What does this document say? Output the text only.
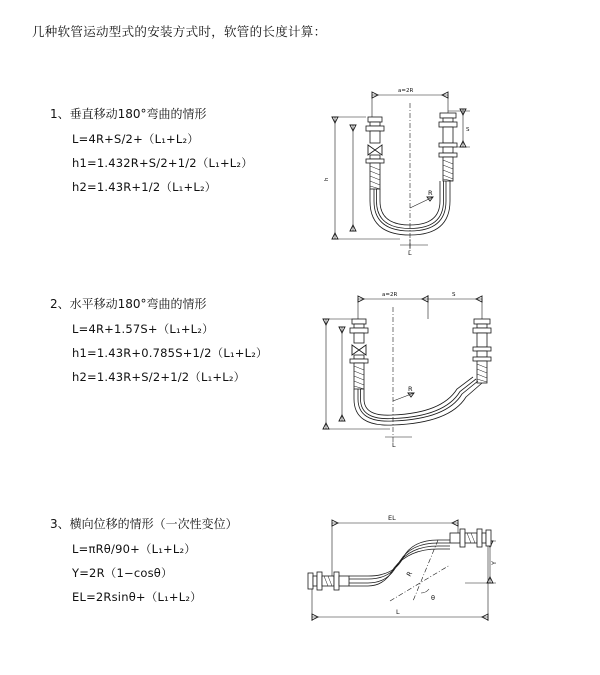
几种软管运动型式的安装方式时，软管的长度计算：
1、垂直移动180°弯曲的情形
L=4R+S/2+（L₁+L₂）
h1=1.432R+S/2+1/2（L₁+L₂）
h2=1.43R+1/2（L₁+L₂）
a=2R
S
h
R
L
2、水平移动180°弯曲的情形
L=4R+1.57S+（L₁+L₂）
h1=1.43R+0.785S+1/2（L₁+L₂）
h2=1.43R+S/2+1/2（L₁+L₂）
a=2R	S
R
L
3、横向位移的情形（一次性变位）
L=πRθ/90+（L₁+L₂）
Y=2R（1−cosθ）
EL=2Rsinθ+（L₁+L₂）
EL
Y
R
θ
L
